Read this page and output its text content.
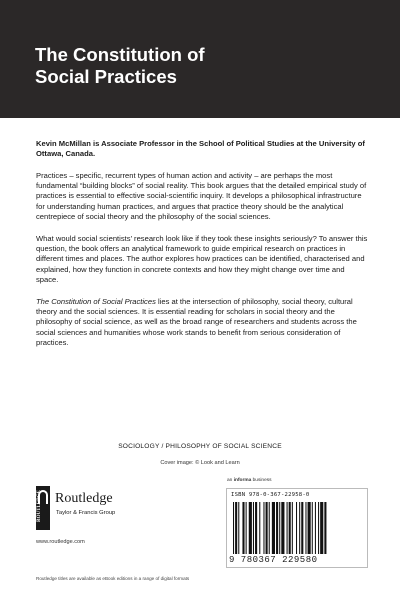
The Constitution of
Social Practices

Kevin McMillan is Associate Professor in the School of Political Studies at the University of Ottawa, Canada.

Practices – specific, recurrent types of human action and activity – are perhaps the most fundamental “building blocks” of social reality. This book argues that the detailed empirical study of practices is essential to effective social-scientific inquiry. It develops a philosophical infrastructure for understanding human practices, and argues that practice theory should be the analytical centrepiece of social theory and the philosophy of the social sciences.

What would social scientists’ research look like if they took these insights seriously? To answer this question, the book offers an analytical framework to guide empirical research on practices in different times and places. The author explores how practices can be identified, characterised and explained, how they function in concrete contexts and how they might change over time and space.

The Constitution of Social Practices lies at the intersection of philosophy, social theory, cultural theory and the social sciences. It is essential reading for scholars in social theory and the philosophy of social science, as well as the broad range of researchers and students across the social sciences and humanities whose work stands to benefit from serious consideration of practices.

SOCIOLOGY / PHILOSOPHY OF SOCIAL SCIENCE
Cover image: © Look and Learn
ROUTLEDGE Routledge
Taylor & Francis Group
www.routledge.com
an informa business
ISBN 978-0-367-22958-0
9 780367 229580
Routledge titles are available as eBook editions in a range of digital formats
